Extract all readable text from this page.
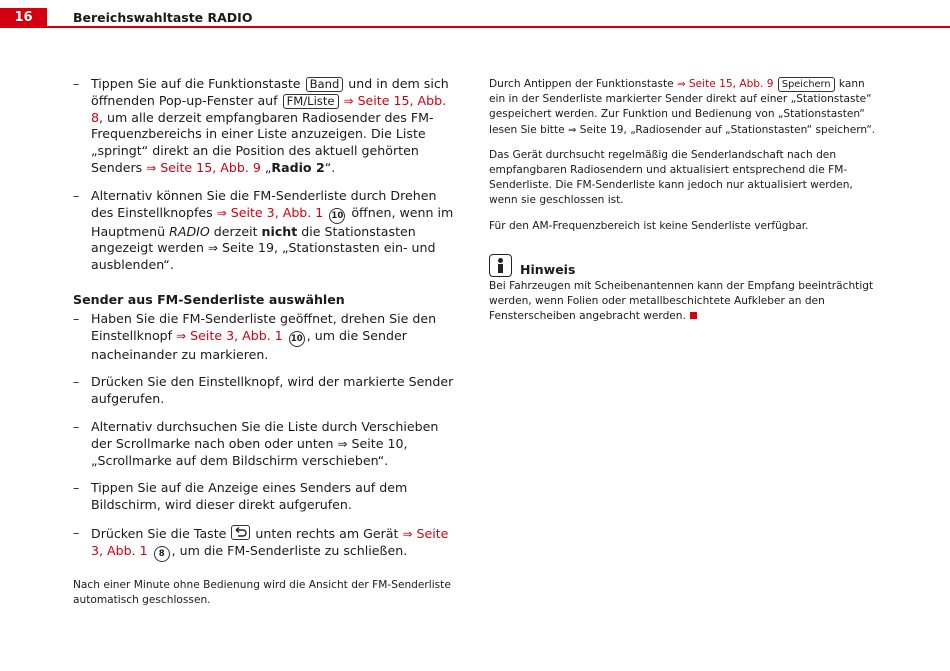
16	Bereichswahltaste RADIO
– Tippen Sie auf die Funktionstaste Band und in dem sich öffnenden Pop-up-Fenster auf FM/Liste ⇒ Seite 15, Abb. 8, um alle derzeit empfangbaren Radiosender des FM-Frequenzbereichs in einer Liste anzuzeigen. Die Liste „springt“ direkt an die Position des aktuell gehörten Senders ⇒ Seite 15, Abb. 9 „Radio 2“.
– Alternativ können Sie die FM-Senderliste durch Drehen des Einstellknopfes ⇒ Seite 3, Abb. 1 10 öffnen, wenn im Hauptmenü RADIO derzeit nicht die Stationstasten angezeigt werden ⇒ Seite 19, „Stationstasten ein- und ausblenden“.
Sender aus FM-Senderliste auswählen
– Haben Sie die FM-Senderliste geöffnet, drehen Sie den Einstellknopf ⇒ Seite 3, Abb. 1 10 , um die Sender nacheinander zu markieren.
– Drücken Sie den Einstellknopf, wird der markierte Sender aufgerufen.
– Alternativ durchsuchen Sie die Liste durch Verschieben der Scrollmarke nach oben oder unten ⇒ Seite 10, „Scrollmarke auf dem Bildschirm verschieben“.
– Tippen Sie auf die Anzeige eines Senders auf dem Bildschirm, wird dieser direkt aufgerufen.
– Drücken Sie die Taste
unten rechts am Gerät ⇒ Seite 3, Abb. 1 8 , um die FM-Senderliste zu schließen.
Nach einer Minute ohne Bedienung wird die Ansicht der FM-Senderliste automatisch geschlossen.
Durch Antippen der Funktionstaste ⇒ Seite 15, Abb. 9 Speichern kann ein in der Senderliste markierter Sender direkt auf einer „Stationstaste“ gespeichert werden. Zur Funktion und Bedienung von „Stationstasten“ lesen Sie bitte ⇒ Seite 19, „Radiosender auf „Stationstasten“ speichern“.
Das Gerät durchsucht regelmäßig die Senderlandschaft nach den empfangbaren Radiosendern und aktualisiert entsprechend die FM-Senderliste. Die FM-Senderliste kann jedoch nur aktualisiert werden, wenn sie geschlossen ist.
Für den AM-Frequenzbereich ist keine Senderliste verfügbar.
Hinweis
Bei Fahrzeugen mit Scheibenantennen kann der Empfang beeinträchtigt werden, wenn Folien oder metallbeschichtete Aufkleber an den Fensterscheiben angebracht werden.
